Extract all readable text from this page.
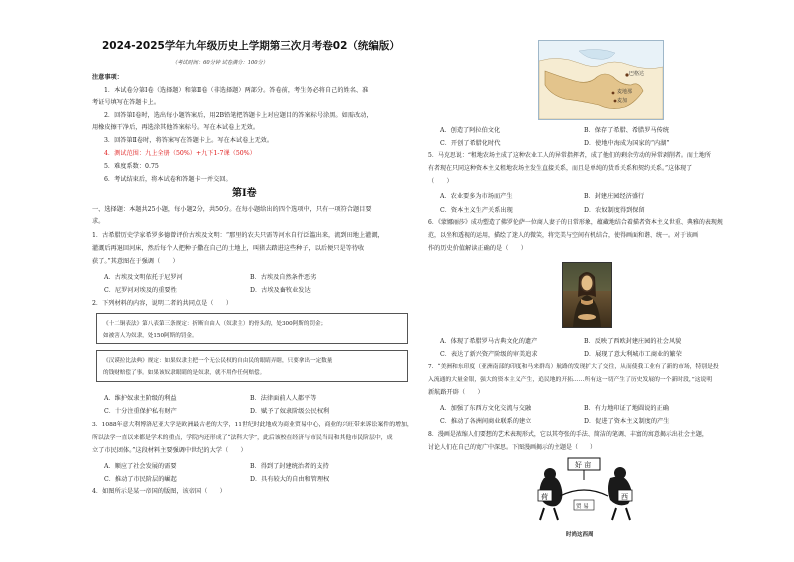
2024-2025学年九年级历史上学期第三次月考卷02（统编版）
（考试时间：60分钟 试卷满分：100分）
注意事项：
1．本试卷分第Ⅰ卷（选择题）和第Ⅱ卷（非选择题）两部分。答卷前，考生务必将自己的姓名、准
考证号填写在答题卡上。
2．回答第Ⅰ卷时，选出每小题答案后，用2B铅笔把答题卡上对应题目的答案标号涂黑。如需改动，
用橡皮擦干净后，再选涂其他答案标号。写在本试卷上无效。
3．回答第Ⅱ卷时，将答案写在答题卡上。写在本试卷上无效。
4．测试范围：九上全册（50%）+九下1-7课（50%）
5．难度系数：0.75
6．考试结束后，将本试卷和答题卡一并交回。
第Ⅰ卷
一、选择题：本题共25小题，每小题2分，共50分。在每小题给出的四个选项中，只有一项符合题目要
求。
1．古希腊历史学家希罗多德曾评价古埃及文明：“那里的农夫只需等河水自行泛滥出来，流到田地上灌溉，
灌溉后再退回河床，然后每个人把种子撒在自己的土地上，叫猪去踏进这些种子，以后便只是等待收
获了。”其意图在于强调（　　）
A．古埃及文明依托于尼罗河	B．古埃及自然条件恶劣
C．尼罗河对埃及的重要性	D．古埃及畜牧业发达
2．下列材料的内容，说明二者的共同点是（　　）
《十二铜表法》第八表第三条规定：折断自由人（奴隶主）的骨头的，处300阿斯的罚金；
如被害人为奴隶，处150阿斯的罚金。
《汉谟拉比法典》规定：如果奴隶主把一个无公民权的自由民的眼睛弄瞎，只要拿出一定数量
的钱财赔偿了事。如果该奴隶眼睛的是奴隶，就不用作任何赔偿。
A．维护奴隶主阶级的利益	B．法律面前人人都平等
C．十分注重保护私有财产	D．赋予了奴隶阶级公民权利
3．1088年意大利博洛尼亚大学是欧洲最古老的大学，11世纪时此地成为商业贸易中心，商业的兴旺带来诉讼案件的增加，
所以法学一直以来都是学术的重点，学院内还形成了“法科大学”，此后该校在经济与市民当局和其他市民阶层中，成
立了市民团体。”这段材料主要强调中世纪的大学（　　）
A．顺应了社会发展的需要	B．得到了封建统治者的支持
C．推动了市民阶层的崛起	D．具有较大的自由和管理权
4．如图所示是某一帝国的版图，该帝国（　　）
巴格达
麦地那
麦加
A．创造了阿拉伯文化	B．保存了希腊、希腊罗马传统
C．开创了希腊化时代	D．使地中海成为国家的“内湖”
5．马克思说：“租地农场主成了这种农业工人的异常指挥者，成了他们的剩余劳动的异常剥削者。而土地所
有者现在只同这种资本主义租地农场主发生直接关系，而且是单纯的货币关系和契约关系。”这体现了
（　　）
A．农业要多为市场而产生	B．封建庄园经济盛行
C．资本主义生产关系出现	D．农奴制度得到保留
6．《蒙娜丽莎》成功塑造了佛罗伦萨一位商人妻子的日常形象，蕴藏地结合着描者资本主义世重、典雅的表现规
范，以坐和透视的运用，描绘了迷人的微笑，将完美与空间有机结合，使得画面和谐、统一。对于该画
作的历史价值解读正确的是（　　）
A．体现了希腊罗马古典文化的遗产	B．反映了西欧封建庄园的社会风貌
C．表达了新兴资产阶级的审美追求	D．展现了意大利城市工商业的繁荣
7．“美洲和东印度（亚洲南部的印度和马来群岛）航路的发现扩大了交往，从而使我工业有了新的市场，特别是投
入流通的大量金银，强大的资本主义产生，追民地的开拓……所有这一切产生了历史发展的一个新时段，”这说明
新航路开辟（　　）
A．加强了东西方文化交流与交融	B．有力地印证了地圆说的正确
C．推动了各洲间商业联系的建立	D．促进了资本主义制度的产生
8．漫画是浓缩人们要想的艺术表现形式，它以其夸张的手法、简洁的笔调、丰富的寓意揭示出社会主题，
讨论人们在自己的宽广中深思。下图漫画揭示的主题是（　　）
好 亩
荷	西
贸 易
时尚这西周
